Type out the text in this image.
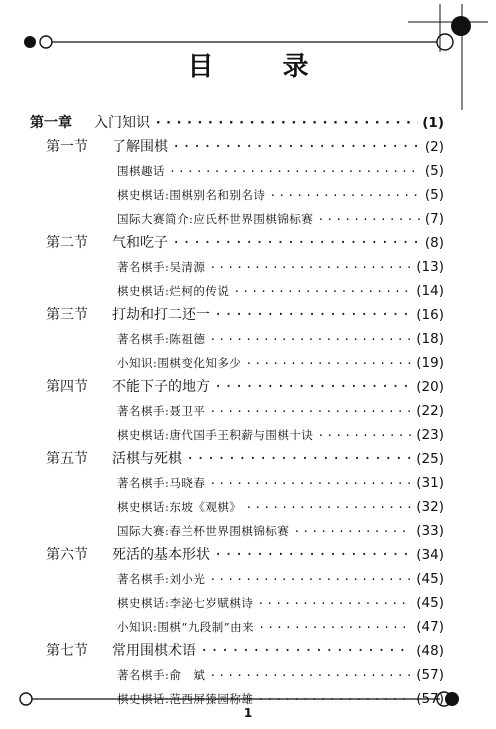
目 录
第一章	入门知识 ·····	(1)
第一节	了解围棋 ·····	(2)
围棋趣话 ·····	(5)
棋史棋话:围棋别名和别名诗 ·····	(5)
国际大赛简介:应氏杯世界围棋锦标赛 ·····	(7)
第二节	气和吃子 ·····	(8)
著名棋手:吴清源 ·····	(13)
棋史棋话:烂柯的传说 ·····	(14)
第三节	打劫和打二还一 ·····	(16)
著名棋手:陈祖德 ·····	(18)
小知识:围棋变化知多少 ·····	(19)
第四节	不能下子的地方 ·····	(20)
著名棋手:聂卫平 ·····	(22)
棋史棋话:唐代国手王积薪与围棋十诀 ·····	(23)
第五节	活棋与死棋 ·····	(25)
著名棋手:马晓春 ·····	(31)
棋史棋话:东坡《观棋》 ·····	(32)
国际大赛:春兰杯世界围棋锦标赛 ·····	(33)
第六节	死活的基本形状 ·····	(34)
著名棋手:刘小光 ·····	(45)
棋史棋话:李泌七岁赋棋诗 ·····	(45)
小知识:围棋“九段制”由来 ·····	(47)
第七节	常用围棋术语 ·····	(48)
著名棋手:俞　斌 ·····	(57)
棋史棋话:范西屏獉园称雄 ·····	(57)
1
